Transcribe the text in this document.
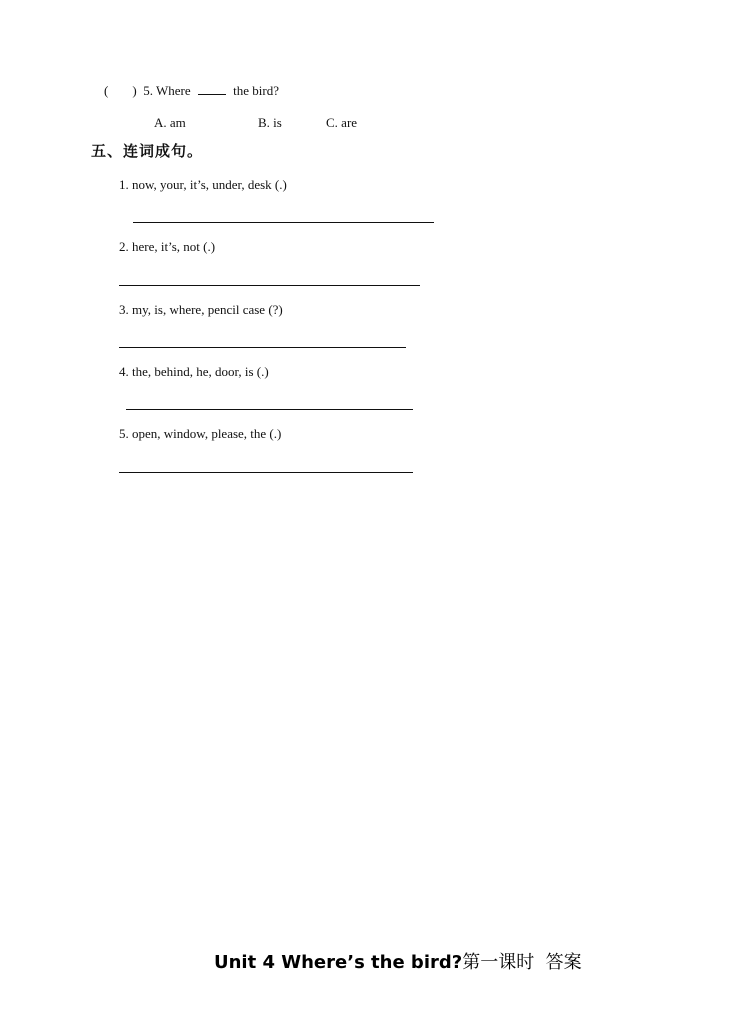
( ) 5. Where	the bird?
A. am	B. is	C. are
五、连词成句。
1. now, your, it’s, under, desk (.)
2. here, it’s, not (.)
3. my, is, where, pencil case (?)
4. the, behind, he, door, is (.)
5. open, window, please, the (.)
Unit 4 Where’s the bird?第一课时  答案
